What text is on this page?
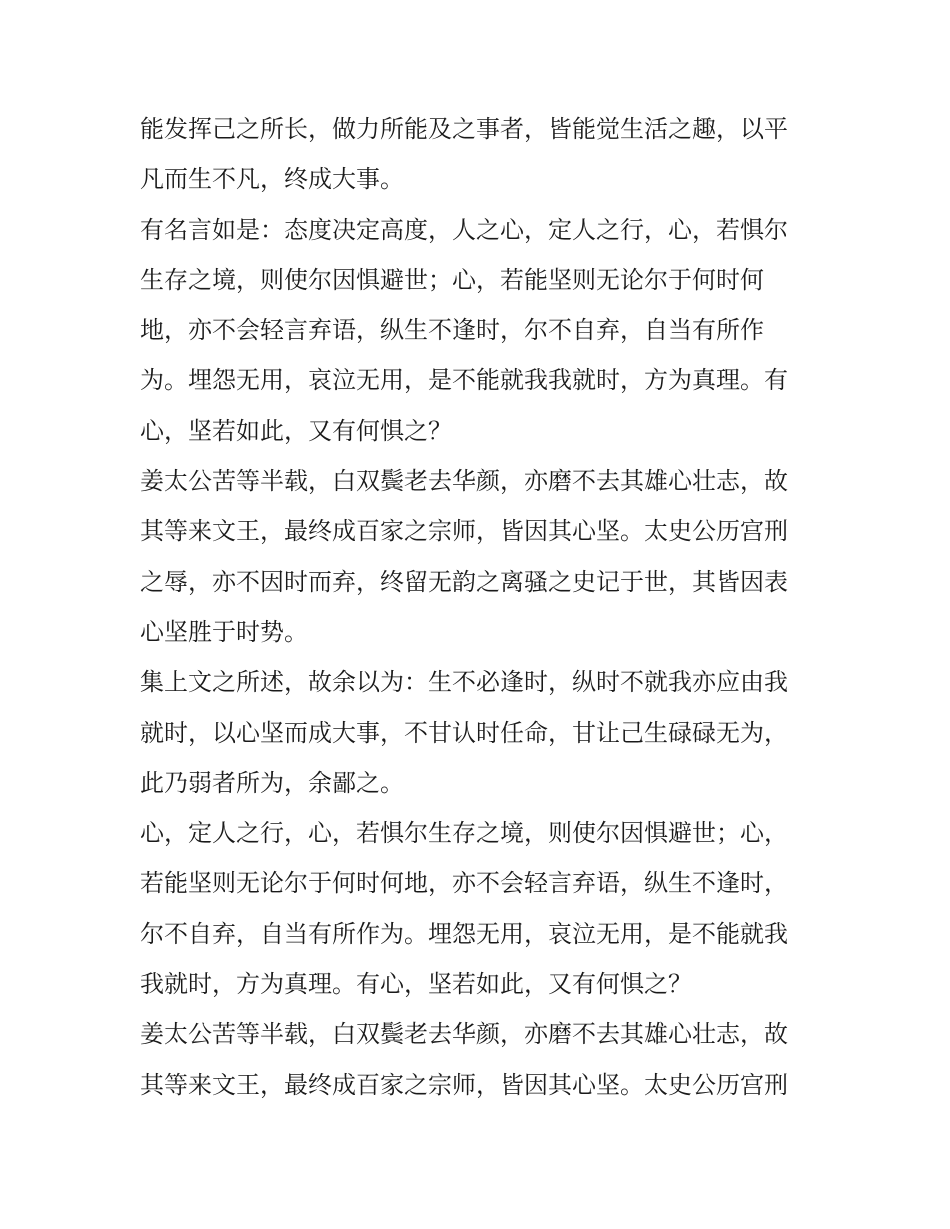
能发挥己之所长，做力所能及之事者，皆能觉生活之趣，以平
凡而生不凡，终成大事。
有名言如是：态度决定高度，人之心，定人之行，心，若惧尔
生存之境，则使尔因惧避世；心，若能坚则无论尔于何时何
地，亦不会轻言弃语，纵生不逢时，尔不自弃，自当有所作
为。埋怨无用，哀泣无用，是不能就我我就时，方为真理。有
心，坚若如此，又有何惧之？
姜太公苦等半载，白双鬓老去华颜，亦磨不去其雄心壮志，故
其等来文王，最终成百家之宗师，皆因其心坚。太史公历宫刑
之辱，亦不因时而弃，终留无韵之离骚之史记于世，其皆因表
心坚胜于时势。
集上文之所述，故余以为：生不必逢时，纵时不就我亦应由我
就时，以心坚而成大事，不甘认时任命，甘让己生碌碌无为，
此乃弱者所为，余鄙之。
心，定人之行，心，若惧尔生存之境，则使尔因惧避世；心，
若能坚则无论尔于何时何地，亦不会轻言弃语，纵生不逢时，
尔不自弃，自当有所作为。埋怨无用，哀泣无用，是不能就我
我就时，方为真理。有心，坚若如此，又有何惧之？
姜太公苦等半载，白双鬓老去华颜，亦磨不去其雄心壮志，故
其等来文王，最终成百家之宗师，皆因其心坚。太史公历宫刑
